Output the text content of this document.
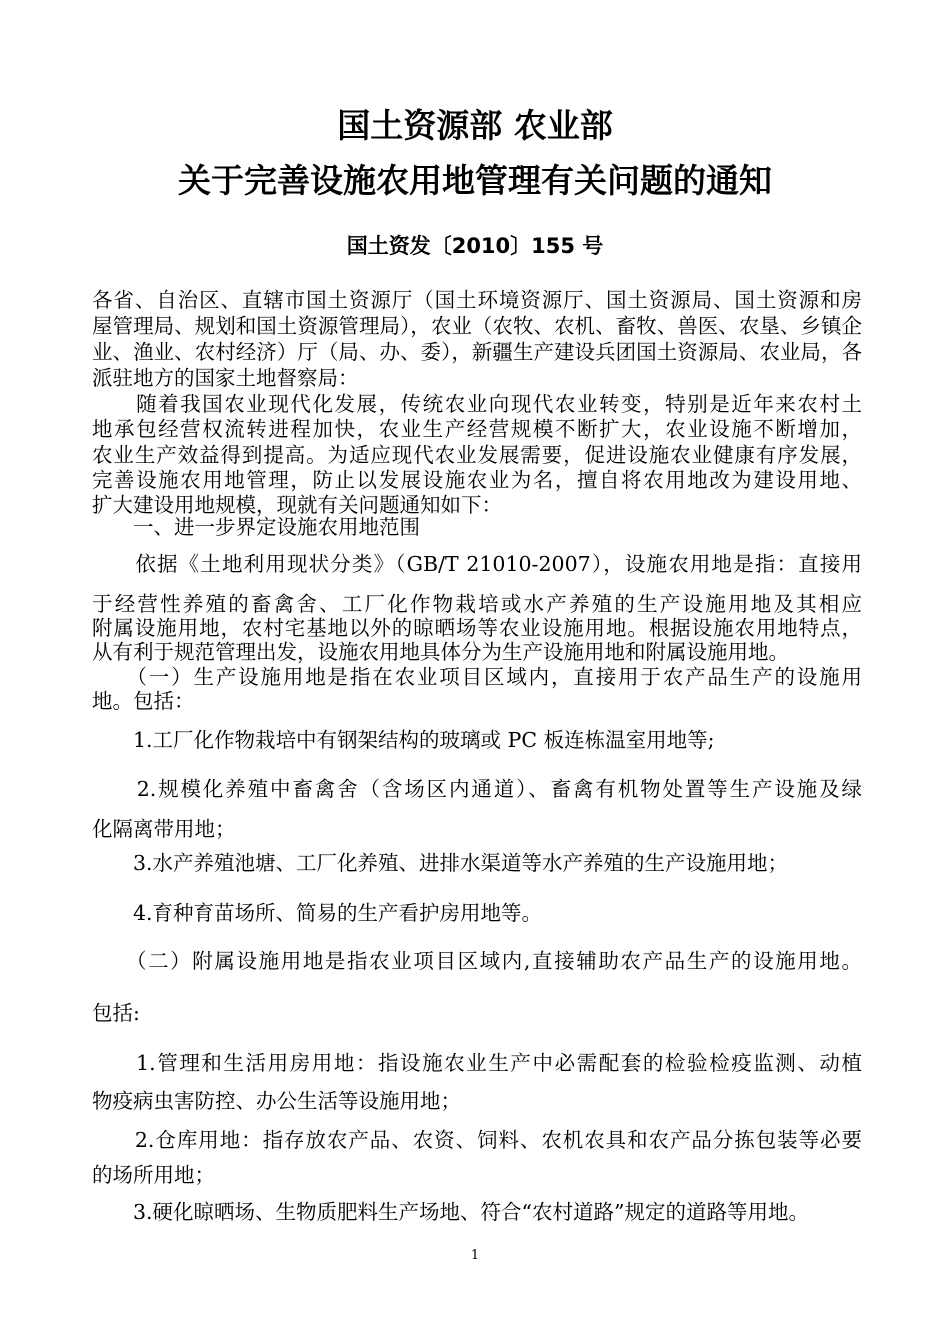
国土资源部 农业部
关于完善设施农用地管理有关问题的通知
国土资发〔2010〕155 号
各省、自治区、直辖市国土资源厅（国土环境资源厅、国土资源局、国土资源和房
屋管理局、规划和国土资源管理局），农业（农牧、农机、畜牧、兽医、农垦、乡镇企
业、渔业、农村经济）厅（局、办、委），新疆生产建设兵团国土资源局、农业局，各
派驻地方的国家土地督察局：
　　随着我国农业现代化发展，传统农业向现代农业转变，特别是近年来农村土
地承包经营权流转进程加快，农业生产经营规模不断扩大，农业设施不断增加，
农业生产效益得到提高。为适应现代农业发展需要，促进设施农业健康有序发展，
完善设施农用地管理，防止以发展设施农业为名，擅自将农用地改为建设用地、
扩大建设用地规模，现就有关问题通知如下：
　　一、进一步界定设施农用地范围
　　依据《土地利用现状分类》（GB/T 21010-2007），设施农用地是指：直接用
于经营性养殖的畜禽舍、工厂化作物栽培或水产养殖的生产设施用地及其相应
附属设施用地，农村宅基地以外的晾晒场等农业设施用地。根据设施农用地特点，
从有利于规范管理出发，设施农用地具体分为生产设施用地和附属设施用地。
　　（一）生产设施用地是指在农业项目区域内，直接用于农产品生产的设施用
地。包括：
　　1.工厂化作物栽培中有钢架结构的玻璃或 PC 板连栋温室用地等;
　　2.规模化养殖中畜禽舍（含场区内通道）、畜禽有机物处置等生产设施及绿
化隔离带用地；
　　3.水产养殖池塘、工厂化养殖、进排水渠道等水产养殖的生产设施用地；
　　4.育种育苗场所、简易的生产看护房用地等。
　　（二）附属设施用地是指农业项目区域内,直接辅助农产品生产的设施用地。
包括:
　　1.管理和生活用房用地：指设施农业生产中必需配套的检验检疫监测、动植
物疫病虫害防控、办公生活等设施用地；
　　2.仓库用地：指存放农产品、农资、饲料、农机农具和农产品分拣包装等必要
的场所用地；
　　3.硬化晾晒场、生物质肥料生产场地、符合“农村道路”规定的道路等用地。
1
